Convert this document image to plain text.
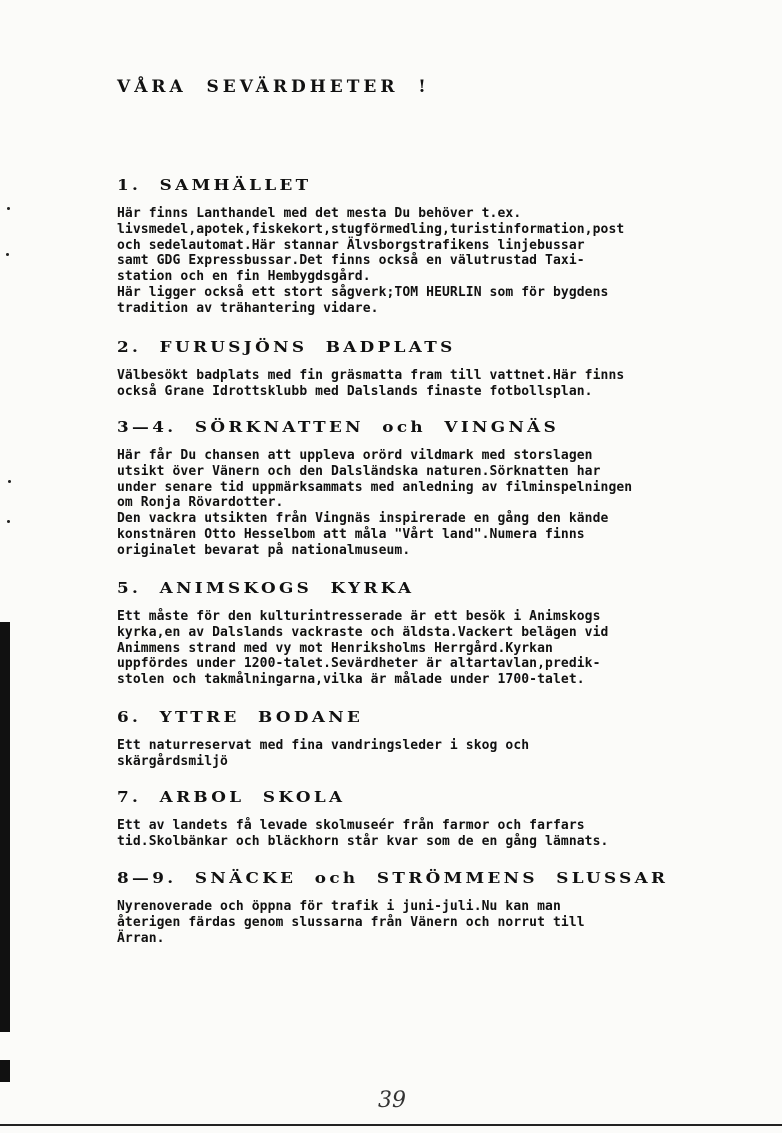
VÅRA  SEVÄRDHETER  !
1.  SAMHÄLLET
Här finns Lanthandel med det mesta Du behöver t.ex.
livsmedel,apotek,fiskekort,stugförmedling,turistinformation,post
och sedelautomat.Här stannar Älvsborgstrafikens linjebussar
samt GDG Expressbussar.Det finns också en välutrustad Taxi-
station och en fin Hembygdsgård.
Här ligger också ett stort sågverk;TOM HEURLIN som för bygdens
tradition av trähantering vidare.
2.  FURUSJÖNS  BADPLATS
Välbesökt badplats med fin gräsmatta fram till vattnet.Här finns
också Grane Idrottsklubb med Dalslands finaste fotbollsplan.
3—4.  SÖRKNATTEN  och  VINGNÄS
Här får Du chansen att uppleva orörd vildmark med storslagen
utsikt över Vänern och den Dalsländska naturen.Sörknatten har
under senare tid uppmärksammats med anledning av filminspelningen
om Ronja Rövardotter.
Den vackra utsikten från Vingnäs inspirerade en gång den kände
konstnären Otto Hesselbom att måla "Vårt land".Numera finns
originalet bevarat på nationalmuseum.
5.  ANIMSKOGS  KYRKA
Ett måste för den kulturintresserade är ett besök i Animskogs
kyrka,en av Dalslands vackraste och äldsta.Vackert belägen vid
Animmens strand med vy mot Henriksholms Herrgård.Kyrkan
uppfördes under 1200-talet.Sevärdheter är altartavlan,predik-
stolen och takmålningarna,vilka är målade under 1700-talet.
6.  YTTRE  BODANE
Ett naturreservat med fina vandringsleder i skog och
skärgårdsmiljö
7.  ARBOL  SKOLA
Ett av landets få levade skolmuseér från farmor och farfars
tid.Skolbänkar och bläckhorn står kvar som de en gång lämnats.
8—9.  SNÄCKE  och  STRÖMMENS  SLUSSAR
Nyrenoverade och öppna för trafik i juni-juli.Nu kan man
återigen färdas genom slussarna från Vänern och norrut till
Ärran.
39
